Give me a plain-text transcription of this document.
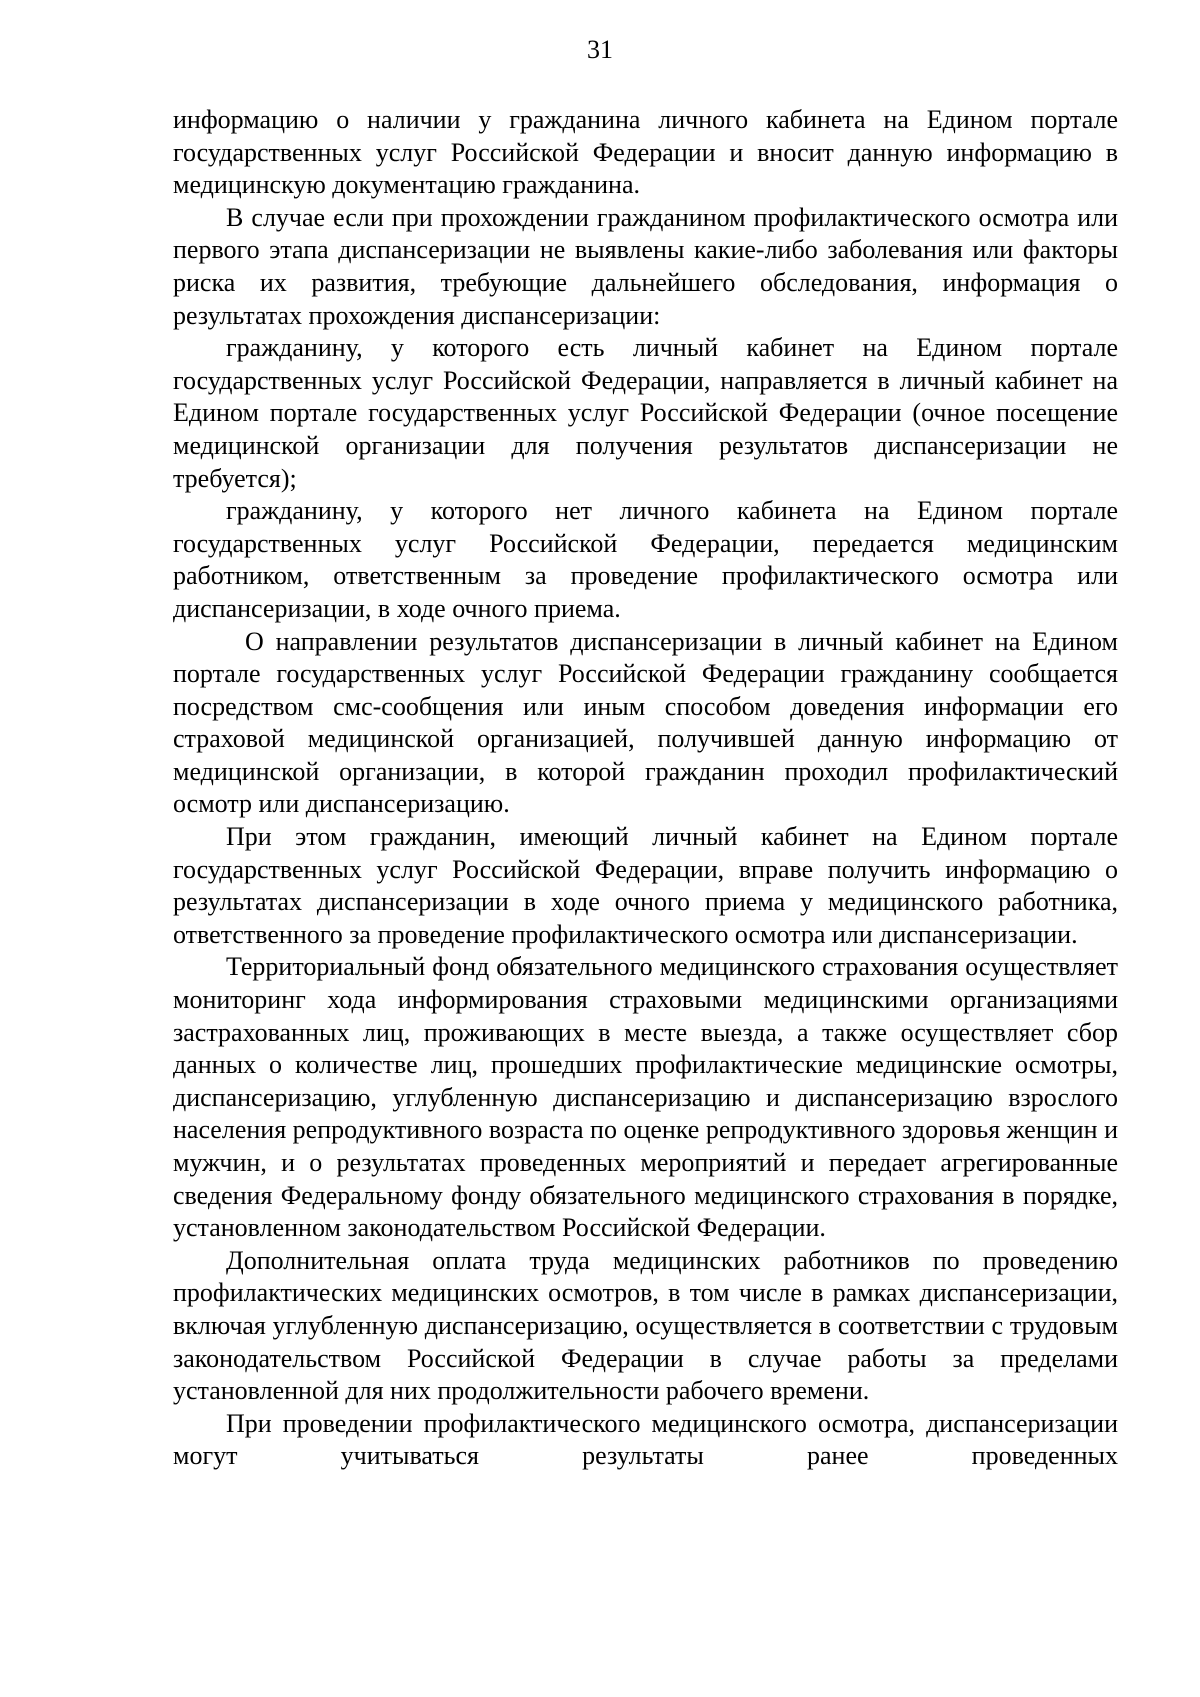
31

информацию о наличии у гражданина личного кабинета на Едином портале государственных услуг Российской Федерации и вносит данную информацию в медицинскую документацию гражданина.

В случае если при прохождении гражданином профилактического осмотра или первого этапа диспансеризации не выявлены какие-либо заболевания или факторы риска их развития, требующие дальнейшего обследования, информация о результатах прохождения диспансеризации:

гражданину, у которого есть личный кабинет на Едином портале государственных услуг Российской Федерации, направляется в личный кабинет на Едином портале государственных услуг Российской Федерации (очное посещение медицинской организации для получения результатов диспансеризации не требуется);

гражданину, у которого нет личного кабинета на Едином портале государственных услуг Российской Федерации, передается медицинским работником, ответственным за проведение профилактического осмотра или диспансеризации, в ходе очного приема.

О направлении результатов диспансеризации в личный кабинет на Едином портале государственных услуг Российской Федерации гражданину сообщается посредством смс-сообщения или иным способом доведения информации его страховой медицинской организацией, получившей данную информацию от медицинской организации, в которой гражданин проходил профилактический осмотр или диспансеризацию.

При этом гражданин, имеющий личный кабинет на Едином портале государственных услуг Российской Федерации, вправе получить информацию о результатах диспансеризации в ходе очного приема у медицинского работника, ответственного за проведение профилактического осмотра или диспансеризации.

Территориальный фонд обязательного медицинского страхования осуществляет мониторинг хода информирования страховыми медицинскими организациями застрахованных лиц, проживающих в месте выезда, а также осуществляет сбор данных о количестве лиц, прошедших профилактические медицинские осмотры, диспансеризацию, углубленную диспансеризацию и диспансеризацию взрослого населения репродуктивного возраста по оценке репродуктивного здоровья женщин и мужчин, и о результатах проведенных мероприятий и передает агрегированные сведения Федеральному фонду обязательного медицинского страхования в порядке, установленном законодательством Российской Федерации.

Дополнительная оплата труда медицинских работников по проведению профилактических медицинских осмотров, в том числе в рамках диспансеризации, включая углубленную диспансеризацию, осуществляется в соответствии с трудовым законодательством Российской Федерации в случае работы за пределами установленной для них продолжительности рабочего времени.

При проведении профилактического медицинского осмотра, диспансеризации могут учитываться результаты ранее проведенных
